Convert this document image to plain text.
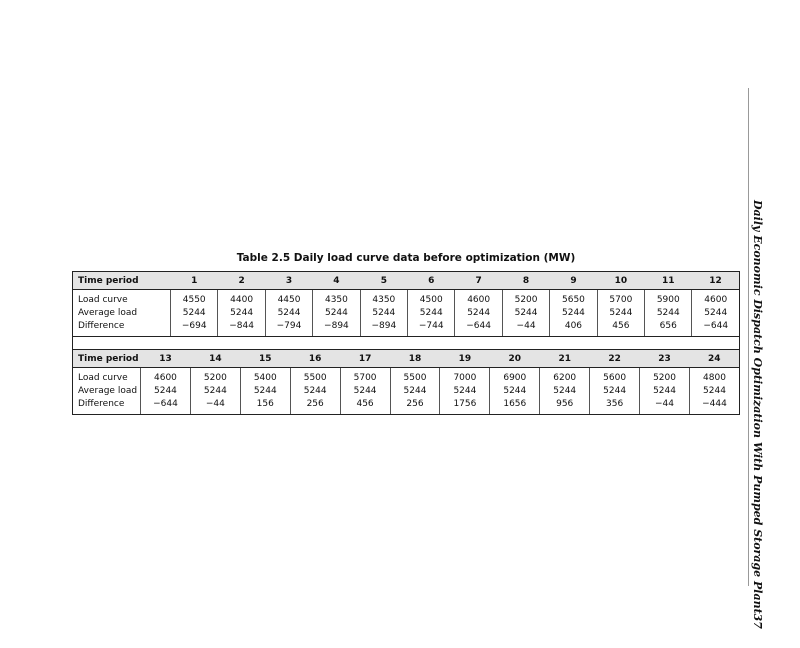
Table 2.5 Daily load curve data before optimization (MW)
Time period	1	2	3	4	5	6	7	8	9	10	11	12
Load curve	4550	4400	4450	4350	4350	4500	4600	5200	5650	5700	5900	4600
Average load	5244	5244	5244	5244	5244	5244	5244	5244	5244	5244	5244	5244
Difference	−694	−844	−794	−894	−894	−744	−644	−44	406	456	656	−644
Time period	13	14	15	16	17	18	19	20	21	22	23	24
Load curve	4600	5200	5400	5500	5700	5500	7000	6900	6200	5600	5200	4800
Average load	5244	5244	5244	5244	5244	5244	5244	5244	5244	5244	5244	5244
Difference	−644	−44	156	256	456	256	1756	1656	956	356	−44	−444 Daily Economic Dispatch Optimization With Pumped Storage Plant
37
